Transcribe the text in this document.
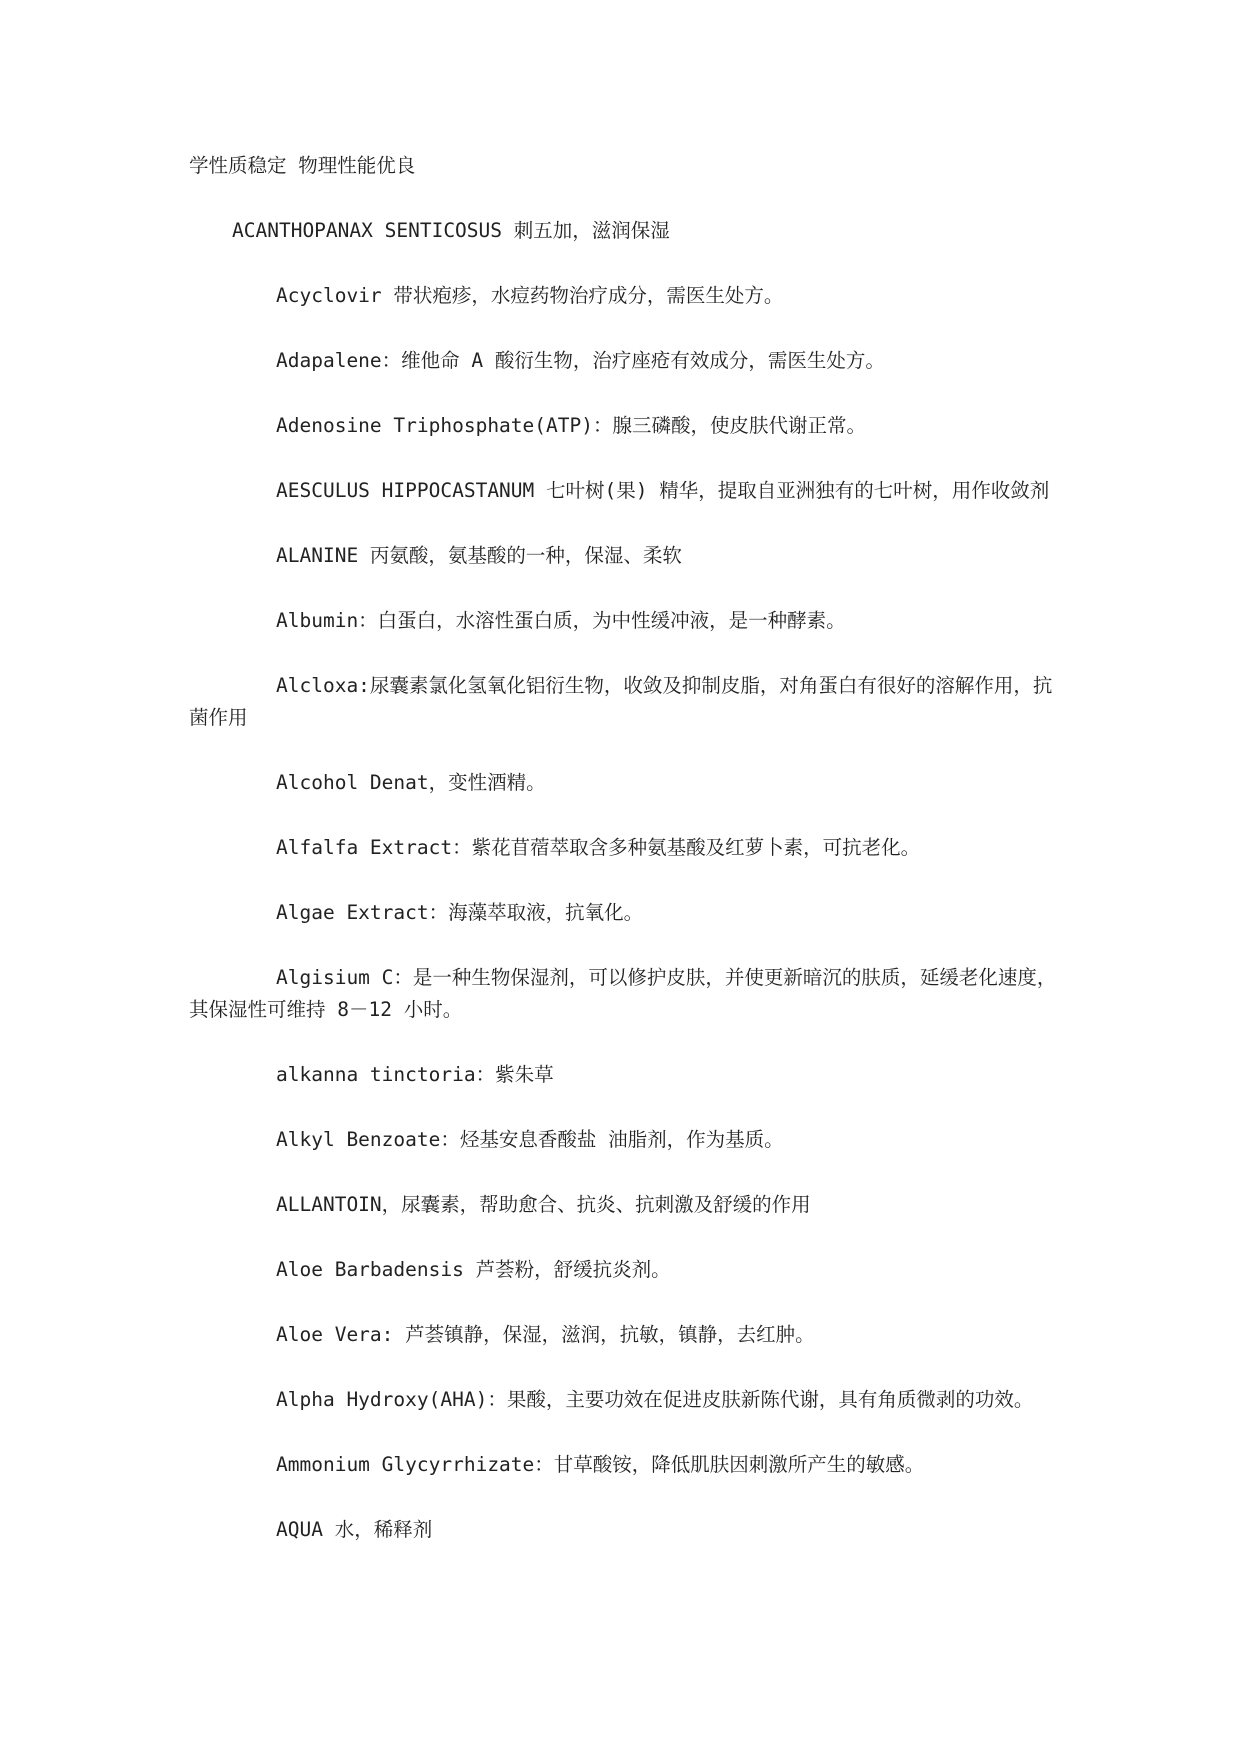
学性质稳定 物理性能优良

ACANTHOPANAX SENTICOSUS 刺五加，滋润保湿

Acyclovir 带状疱疹，水痘药物治疗成分，需医生处方。

Adapalene：维他命 A 酸衍生物，治疗座疮有效成分，需医生处方。

Adenosine Triphosphate(ATP)：腺三磷酸，使皮肤代谢正常。

AESCULUS HIPPOCASTANUM 七叶树(果) 精华，提取自亚洲独有的七叶树，用作收敛剂

ALANINE 丙氨酸，氨基酸的一种，保湿、柔软

Albumin：白蛋白，水溶性蛋白质，为中性缓冲液，是一种酵素。

Alcloxa:尿囊素氯化氢氧化铝衍生物，收敛及抑制皮脂，对角蛋白有很好的溶解作用，抗菌作用

Alcohol Denat，变性酒精。

Alfalfa Extract：紫花苜蓿萃取含多种氨基酸及红萝卜素，可抗老化。

Algae Extract：海藻萃取液，抗氧化。

Algisium C：是一种生物保湿剂，可以修护皮肤，并使更新暗沉的肤质，延缓老化速度，其保湿性可维持 8－12 小时。

alkanna tinctoria：紫朱草

Alkyl Benzoate：烃基安息香酸盐 油脂剂，作为基质。

ALLANTOIN，尿囊素，帮助愈合、抗炎、抗刺激及舒缓的作用

Aloe Barbadensis 芦荟粉，舒缓抗炎剂。

Aloe Vera: 芦荟镇静，保湿，滋润，抗敏，镇静，去红肿。

Alpha Hydroxy(AHA)：果酸，主要功效在促进皮肤新陈代谢，具有角质微剥的功效。

Ammonium Glycyrrhizate：甘草酸铵，降低肌肤因刺激所产生的敏感。

AQUA 水，稀释剂
